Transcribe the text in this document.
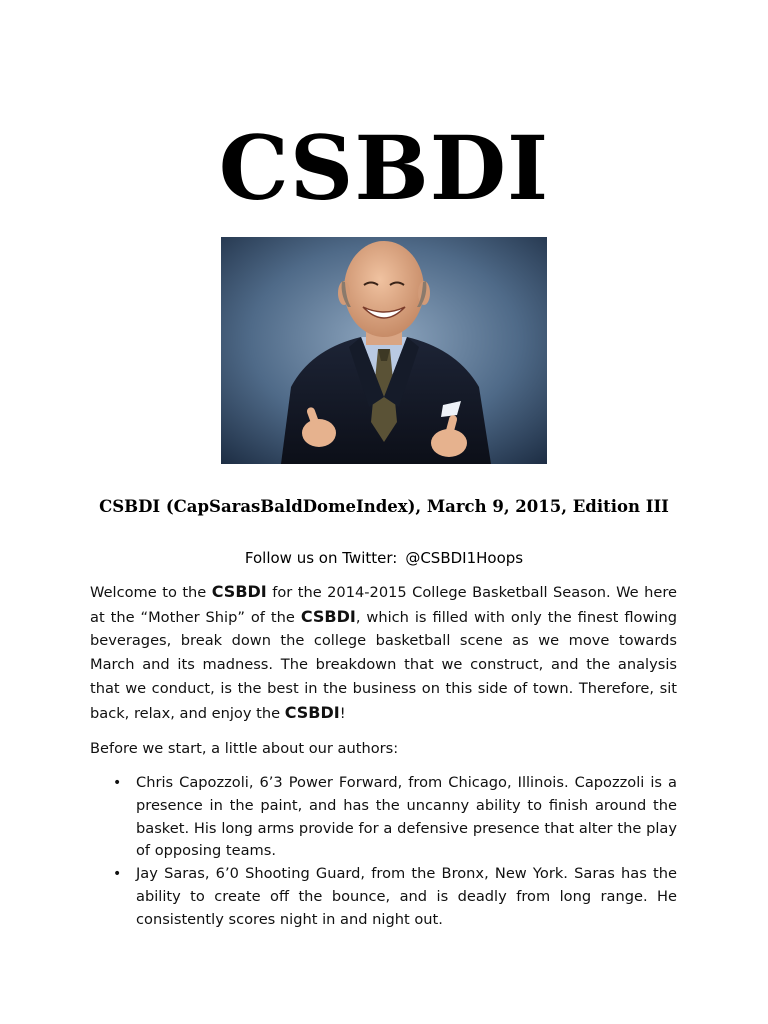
CSBDI
CSBDI (CapSarasBaldDomeIndex), March 9, 2015, Edition III
Follow us on Twitter: @CSBDI1Hoops

Welcome to the CSBDI for the 2014-2015 College Basketball Season. We here at the “Mother Ship” of the CSBDI, which is filled with only the finest flowing beverages, break down the college basketball scene as we move towards March and its madness. The breakdown that we construct, and the analysis that we conduct, is the best in the business on this side of town. Therefore, sit back, relax, and enjoy the CSBDI!

Before we start, a little about our authors:

• Chris Capozzoli, 6’3 Power Forward, from Chicago, Illinois. Capozzoli is a presence in the paint, and has the uncanny ability to finish around the basket. His long arms provide for a defensive presence that alter the play of opposing teams.
• Jay Saras, 6’0 Shooting Guard, from the Bronx, New York. Saras has the ability to create off the bounce, and is deadly from long range. He consistently scores night in and night out.
